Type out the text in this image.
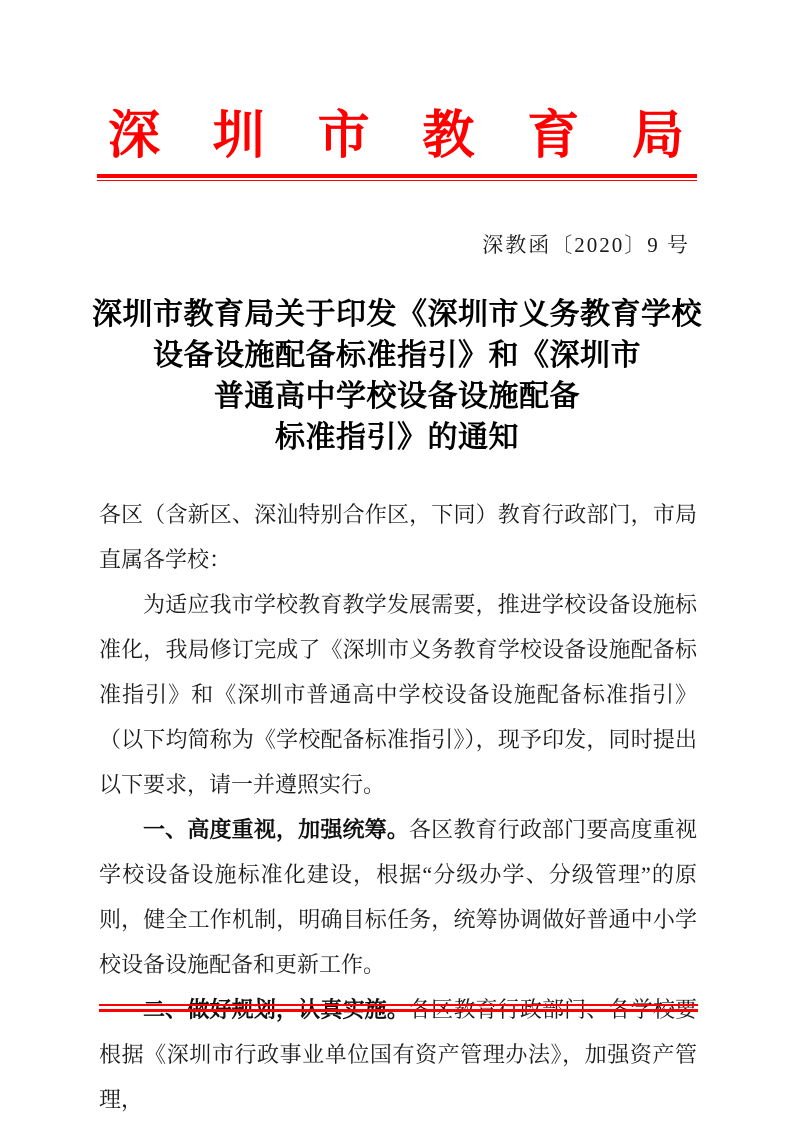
深 圳 市 教 育 局
深教函〔2020〕9 号
深圳市教育局关于印发《深圳市义务教育学校
设备设施配备标准指引》和《深圳市
普通高中学校设备设施配备
标准指引》的通知

各区（含新区、深汕特别合作区，下同）教育行政部门，市局直属各学校：

为适应我市学校教育教学发展需要，推进学校设备设施标准化，我局修订完成了《深圳市义务教育学校设备设施配备标准指引》和《深圳市普通高中学校设备设施配备标准指引》（以下均简称为《学校配备标准指引》），现予印发，同时提出以下要求，请一并遵照实行。

一、高度重视，加强统筹。各区教育行政部门要高度重视学校设备设施标准化建设，根据“分级办学、分级管理”的原则，健全工作机制，明确目标任务，统筹协调做好普通中小学校设备设施配备和更新工作。

二、做好规划，认真实施。各区教育行政部门、各学校要根据《深圳市行政事业单位国有资产管理办法》，加强资产管理，
